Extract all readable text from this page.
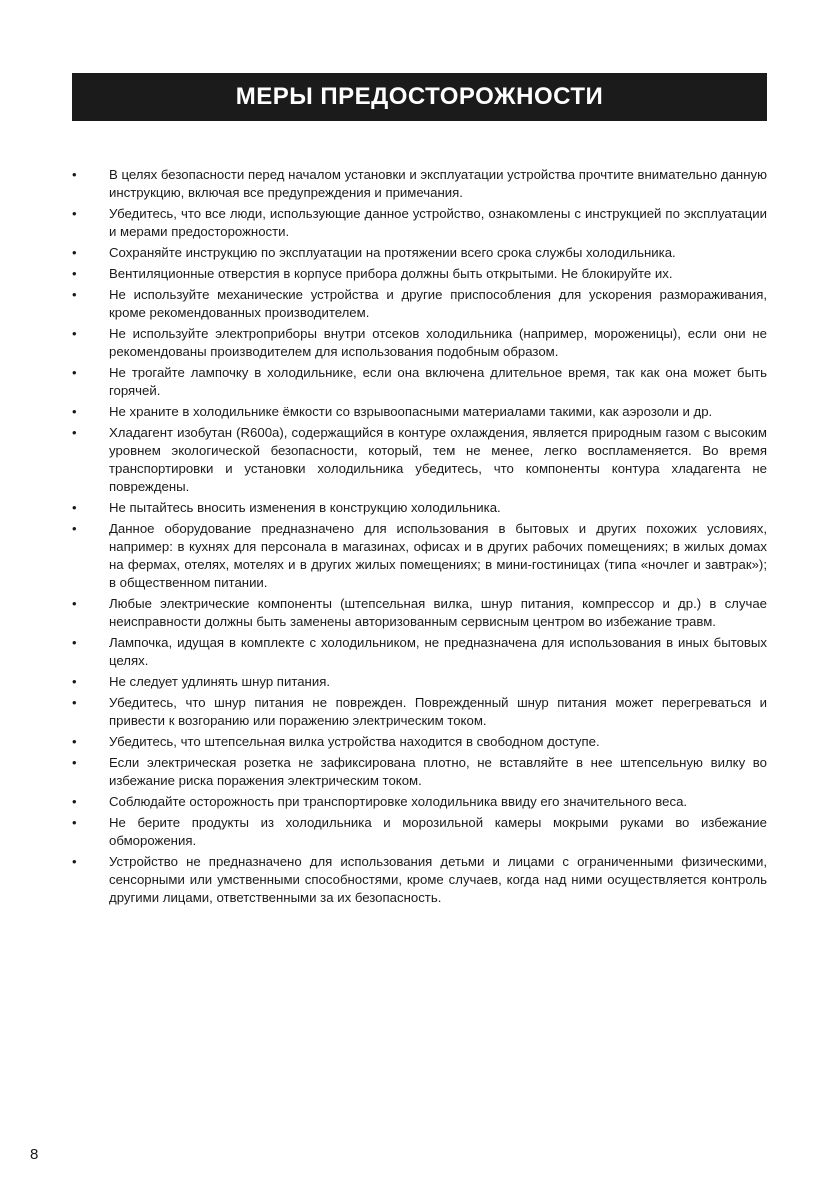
МЕРЫ ПРЕДОСТОРОЖНОСТИ
•	В целях безопасности перед началом установки и эксплуатации устройства прочтите внимательно данную инструкцию, включая все предупреждения и примечания.
•	Убедитесь, что все люди, использующие данное устройство, ознакомлены с инструкцией по эксплуатации и мерами предосторожности.
•	Сохраняйте инструкцию по эксплуатации на протяжении всего срока службы холодильника.
•	Вентиляционные отверстия в корпусе прибора должны быть открытыми. Не блокируйте их.
•	Не используйте механические устройства и другие приспособления для ускорения размораживания, кроме рекомендованных производителем.
•	Не используйте электроприборы внутри отсеков холодильника (например, мороженицы), если они не рекомендованы производителем для использования подобным образом.
•	Не трогайте лампочку в холодильнике, если она включена длительное время, так как она может быть горячей.
•	Не храните в холодильнике ёмкости со взрывоопасными материалами такими, как аэрозоли и др.
•	Хладагент изобутан (R600a), содержащийся в контуре охлаждения, является природным газом с высоким уровнем экологической безопасности, который, тем не менее, легко воспламеняется. Во время транспортировки и установки холодильника убедитесь, что компоненты контура хладагента не повреждены.
•	Не пытайтесь вносить изменения в конструкцию холодильника.
•	Данное оборудование предназначено для использования в бытовых и других похожих условиях, например: в кухнях для персонала в магазинах, офисах и в других рабочих помещениях; в жилых домах на фермах, отелях, мотелях и в других жилых помещениях; в мини-гостиницах (типа «ночлег и завтрак»); в общественном питании.
•	Любые электрические компоненты (штепсельная вилка, шнур питания, компрессор и др.) в случае неисправности должны быть заменены авторизованным сервисным центром во избежание травм.
•	Лампочка, идущая в комплекте с холодильником, не предназначена для использования в иных бытовых целях.
•	Не следует удлинять шнур питания.
•	Убедитесь, что шнур питания не поврежден. Поврежденный шнур питания может перегреваться и привести к возгоранию или поражению электрическим током.
•	Убедитесь, что штепсельная вилка устройства находится в свободном доступе.
•	Если электрическая розетка не зафиксирована плотно, не вставляйте в нее штепсельную вилку во избежание риска поражения электрическим током.
•	Соблюдайте осторожность при транспортировке холодильника ввиду его значительного веса.
•	Не берите продукты из холодильника и морозильной камеры мокрыми руками во избежание обморожения.
•	Устройство не предназначено для использования детьми и лицами с ограниченными физическими, сенсорными или умственными способностями, кроме случаев, когда над ними осуществляется контроль другими лицами, ответственными за их безопасность.
8
